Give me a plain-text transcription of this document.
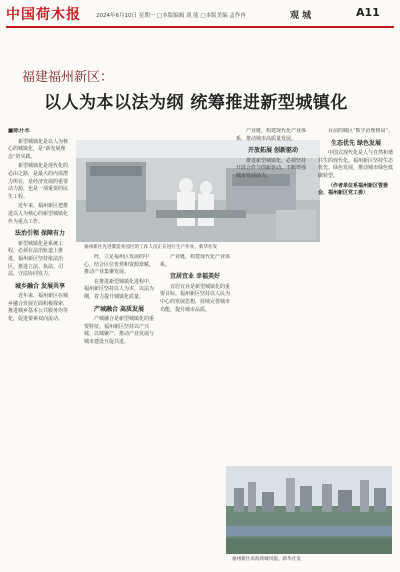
中国荷木报	2024年6月10日 星期一 □本版编辑 刘 能 □本版美编 孟作冉	观 城	A11
福建福州新区：
以人为本以法为纲 统筹推进新型城镇化
■陈开永

新型城镇化是以人为核心的城镇化，是“新发展理念”的实践。

新型城镇化是现代化的必由之路，是最大的内需潜力所在，是经济发展的重要动力源，也是一项重要的民生工程。

近年来，福州新区把推进以人为核心的新型城镇化作为重点工作。

法治引领 保障有力

新型城镇化是系统工程，必须在法治轨道上推进。福州新区坚持依法治区，推进立法、执法、司法、守法协同发力。

城乡融合 发展共享

近年来，福州新区在城乡融合发展方面积极探索，推进城乡基本公共服务均等化，促进要素双向流动。

福州新区先进制造业园区的工作人员正在进行生产作业。新华社发

经，立足福州区发展的中心，结合区位优势和资源禀赋，推动产业集聚发展。

在推进新型城镇化进程中，福州新区坚持以人为本，以法为纲，着力提升城镇化质量。

产城融合 高质发展

产城融合是新型城镇化的重要特征。福州新区坚持以产兴城、以城聚产，推动产业发展与城市建设互促共进。

产业链，构建现代化产业体系。

宜居宜业 幸福美好

宜居宜业是新型城镇化的重要目标。福州新区坚持以人民为中心的发展思想，持续完善城市功能，提升城市品质。

产业链，构建现代化产业体系，推动城市高质量发展。

开放拓展 创新驱动

推进新型城镇化，必须坚持开放合作与创新驱动，不断增强城市发展活力。

目前的城区“数字治理格局”。

生态优先 绿色发展

中国式现代化是人与自然和谐共生的现代化。福州新区坚持生态优先、绿色发展，推动城市绿色低碳转型。

（作者单位系福州新区管委会、福州新区党工委）

福州新区滨海新城风貌。新华社发
